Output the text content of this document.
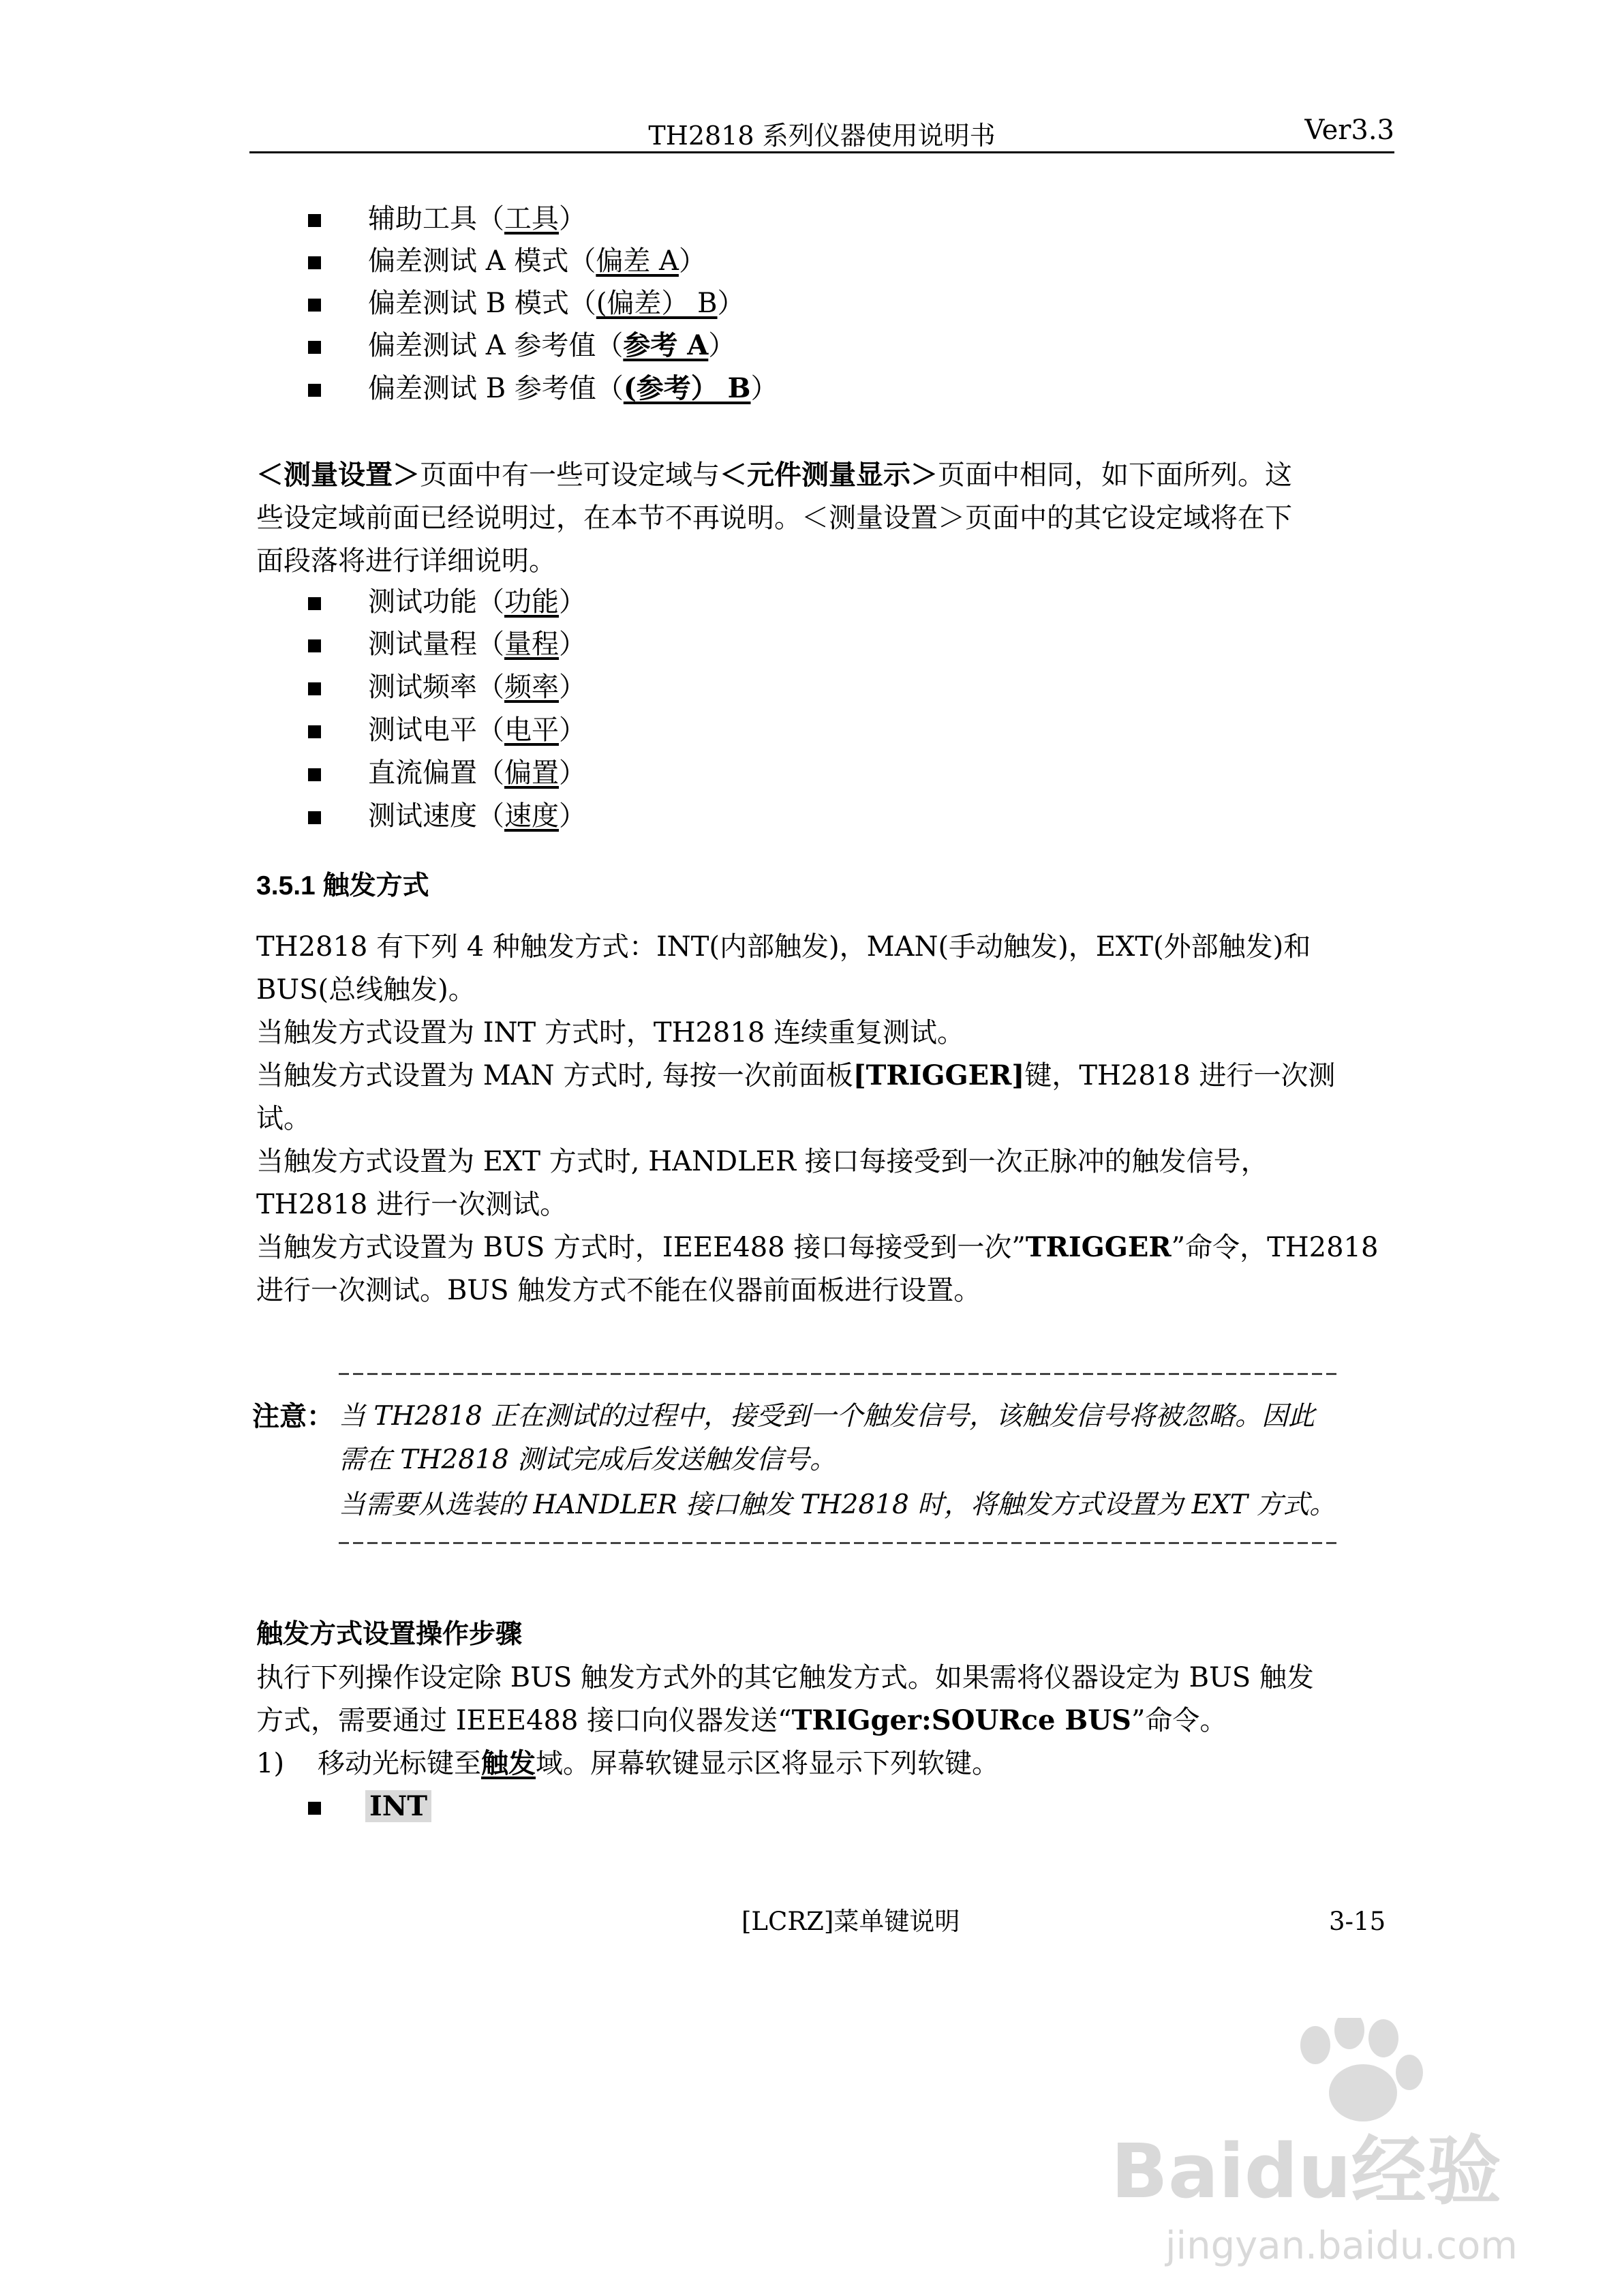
TH2818 系列仪器使用说明书	Ver3.3
辅助工具（工具）
偏差测试 A 模式（偏差 A）
偏差测试 B 模式（(偏差） B）
偏差测试 A 参考值（参考 A）
偏差测试 B 参考值（(参考） B）
＜测量设置＞页面中有一些可设定域与＜元件测量显示＞页面中相同，如下面所列。这
些设定域前面已经说明过，在本节不再说明。＜测量设置＞页面中的其它设定域将在下
面段落将进行详细说明。
测试功能（功能）
测试量程（量程）
测试频率（频率）
测试电平（电平）
直流偏置（偏置）
测试速度（速度）
3.5.1 触发方式
TH2818 有下列 4 种触发方式：INT(内部触发)，MAN(手动触发)，EXT(外部触发)和
BUS(总线触发)。
当触发方式设置为 INT 方式时，TH2818 连续重复测试。
当触发方式设置为 MAN 方式时, 每按一次前面板[TRIGGER]键，TH2818 进行一次测
试。
当触发方式设置为 EXT 方式时, HANDLER 接口每接受到一次正脉冲的触发信号，
TH2818 进行一次测试。
当触发方式设置为 BUS 方式时，IEEE488 接口每接受到一次”TRIGGER”命令，TH2818
进行一次测试。BUS 触发方式不能在仪器前面板进行设置。
注意： 当 TH2818 正在测试的过程中，接受到一个触发信号，该触发信号将被忽略。因此
需在 TH2818 测试完成后发送触发信号。
当需要从选装的 HANDLER 接口触发 TH2818 时，将触发方式设置为 EXT 方式。
触发方式设置操作步骤
执行下列操作设定除 BUS 触发方式外的其它触发方式。如果需将仪器设定为 BUS 触发
方式，需要通过 IEEE488 接口向仪器发送“TRIGger:SOURce BUS”命令。
1) 移动光标键至触发域。屏幕软键显示区将显示下列软键。
INT
[LCRZ]菜单键说明	3-15
Baidu经验
jingyan.baidu.com
